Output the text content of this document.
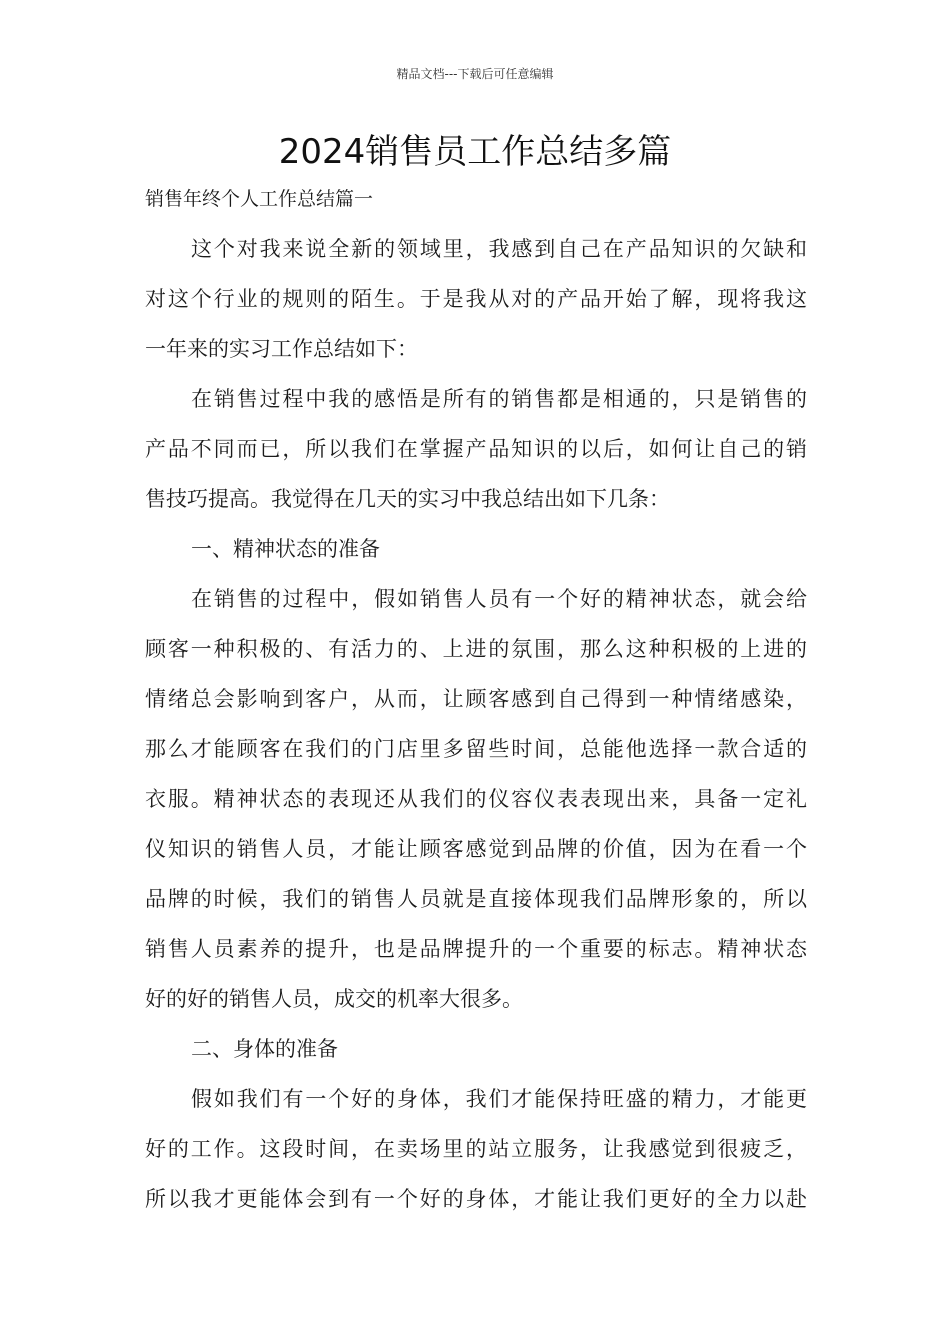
精品文档---下载后可任意编辑
2024销售员工作总结多篇
销售年终个人工作总结篇一
这个对我来说全新的领域里，我感到自己在产品知识的欠缺和
对这个行业的规则的陌生。于是我从对的产品开始了解，现将我这
一年来的实习工作总结如下：
在销售过程中我的感悟是所有的销售都是相通的，只是销售的
产品不同而已，所以我们在掌握产品知识的以后，如何让自己的销
售技巧提高。我觉得在几天的实习中我总结出如下几条：
一、精神状态的准备
在销售的过程中，假如销售人员有一个好的精神状态，就会给
顾客一种积极的、有活力的、上进的氛围，那么这种积极的上进的
情绪总会影响到客户，从而，让顾客感到自己得到一种情绪感染，
那么才能顾客在我们的门店里多留些时间，总能他选择一款合适的
衣服。精神状态的表现还从我们的仪容仪表表现出来，具备一定礼
仪知识的销售人员，才能让顾客感觉到品牌的价值，因为在看一个
品牌的时候，我们的销售人员就是直接体现我们品牌形象的，所以
销售人员素养的提升，也是品牌提升的一个重要的标志。精神状态
好的好的销售人员，成交的机率大很多。
二、身体的准备
假如我们有一个好的身体，我们才能保持旺盛的精力，才能更
好的工作。这段时间，在卖场里的站立服务，让我感觉到很疲乏，
所以我才更能体会到有一个好的身体，才能让我们更好的全力以赴
